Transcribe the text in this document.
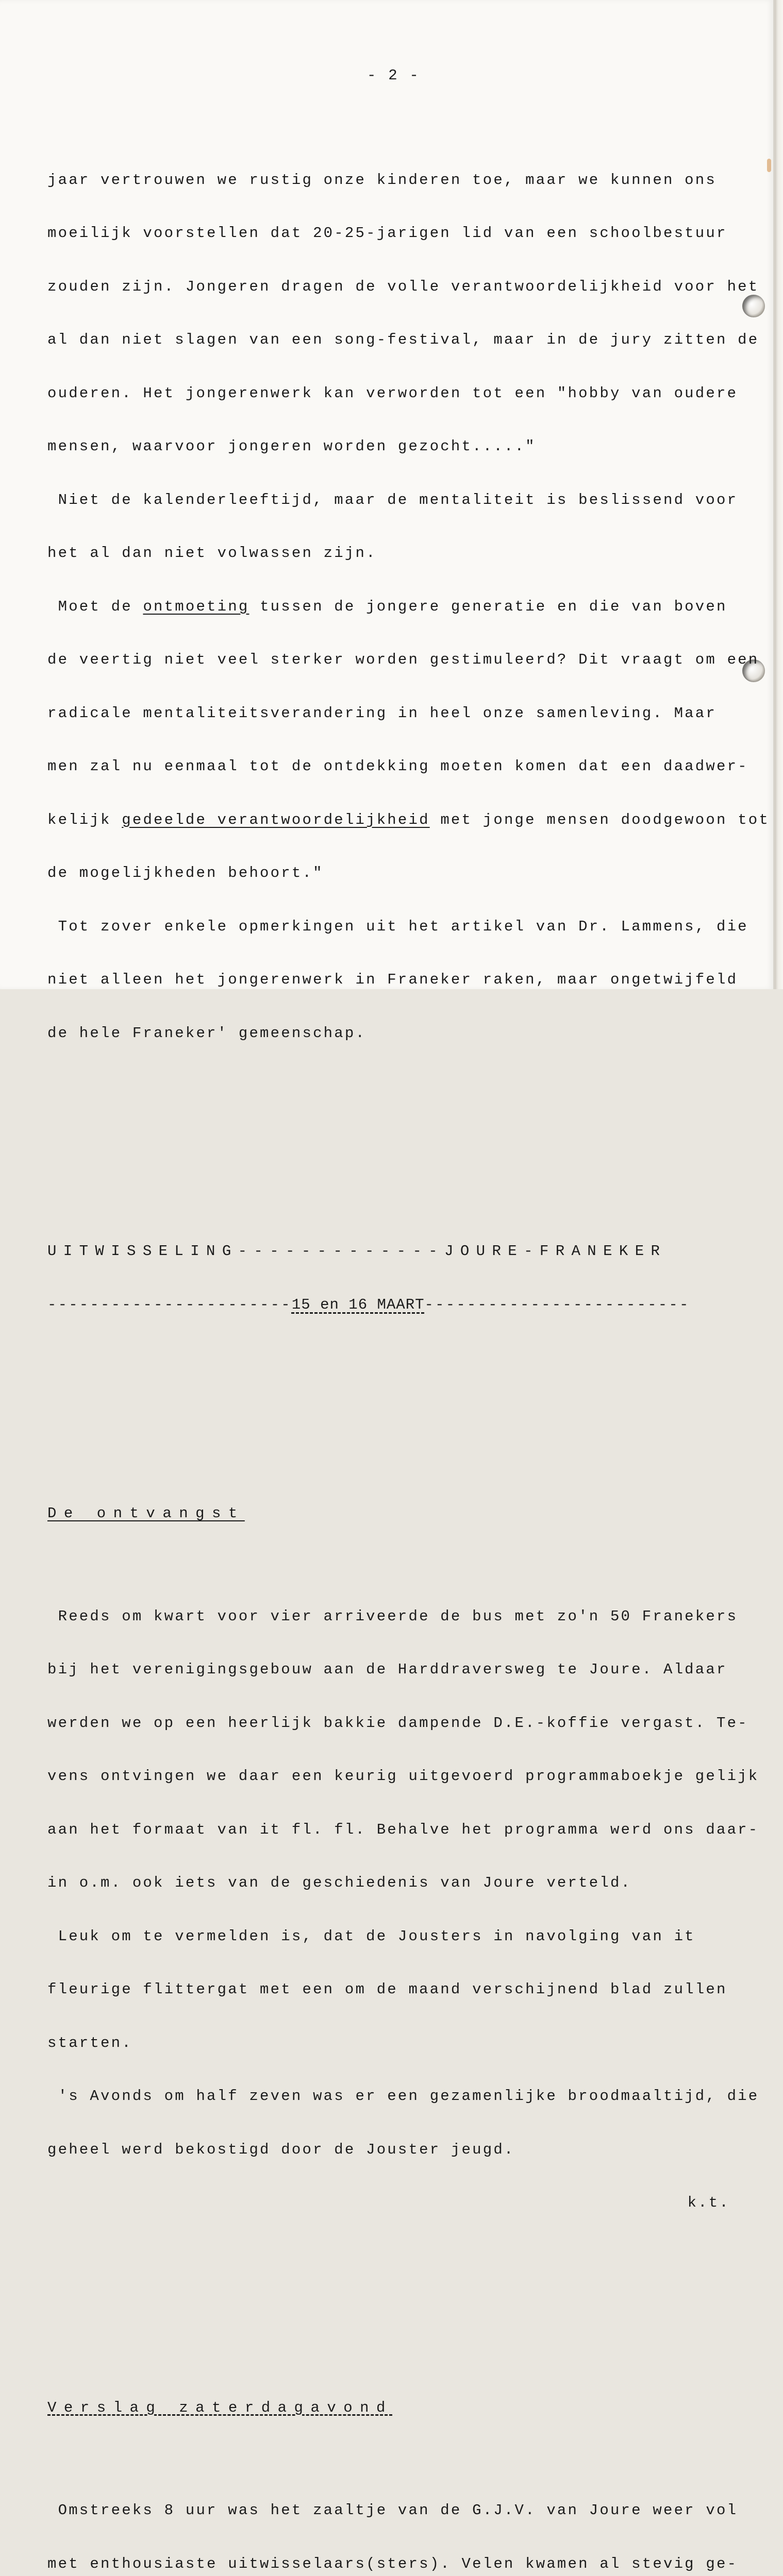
- 2 -

jaar vertrouwen we rustig onze kinderen toe, maar we kunnen ons

moeilijk voorstellen dat 20-25-jarigen lid van een schoolbestuur

zouden zijn. Jongeren dragen de volle verantwoordelijkheid voor het

al dan niet slagen van een song-festival, maar in de jury zitten de

ouderen. Het jongerenwerk kan verworden tot een "hobby van oudere

mensen, waarvoor jongeren worden gezocht....."

Niet de kalenderleeftijd, maar de mentaliteit is beslissend voor

het al dan niet volwassen zijn.

Moet de ontmoeting tussen de jongere generatie en die van boven

de veertig niet veel sterker worden gestimuleerd? Dit vraagt om een

radicale mentaliteitsverandering in heel onze samenleving. Maar

men zal nu eenmaal tot de ontdekking moeten komen dat een daadwer-

kelijk gedeelde verantwoordelijkheid met jonge mensen doodgewoon tot

de mogelijkheden behoort."

Tot zover enkele opmerkingen uit het artikel van Dr. Lammens, die

niet alleen het jongerenwerk in Franeker raken, maar ongetwijfeld

de hele Franeker' gemeenschap.

UITWISSELING-------------JOURE-FRANEKER

-----------------------15 en 16 MAART-------------------------

De ontvangst

Reeds om kwart voor vier arriveerde de bus met zo'n 50 Franekers

bij het verenigingsgebouw aan de Harddraversweg te Joure. Aldaar

werden we op een heerlijk bakkie dampende D.E.-koffie vergast. Te-

vens ontvingen we daar een keurig uitgevoerd programmaboekje gelijk

aan het formaat van it fl. fl. Behalve het programma werd ons daar-

in o.m. ook iets van de geschiedenis van Joure verteld.

Leuk om te vermelden is, dat de Jousters in navolging van it

fleurige flittergat met een om de maand verschijnend blad zullen

starten.

's Avonds om half zeven was er een gezamenlijke broodmaaltijd, die

geheel werd bekostigd door de Jouster jeugd.

k.t.

Verslag zaterdagavond

Omstreeks 8 uur was het zaaltje van de G.J.V. van Joure weer vol

met enthousiaste uitwisselaars(sters). Velen kwamen al stevig ge-
